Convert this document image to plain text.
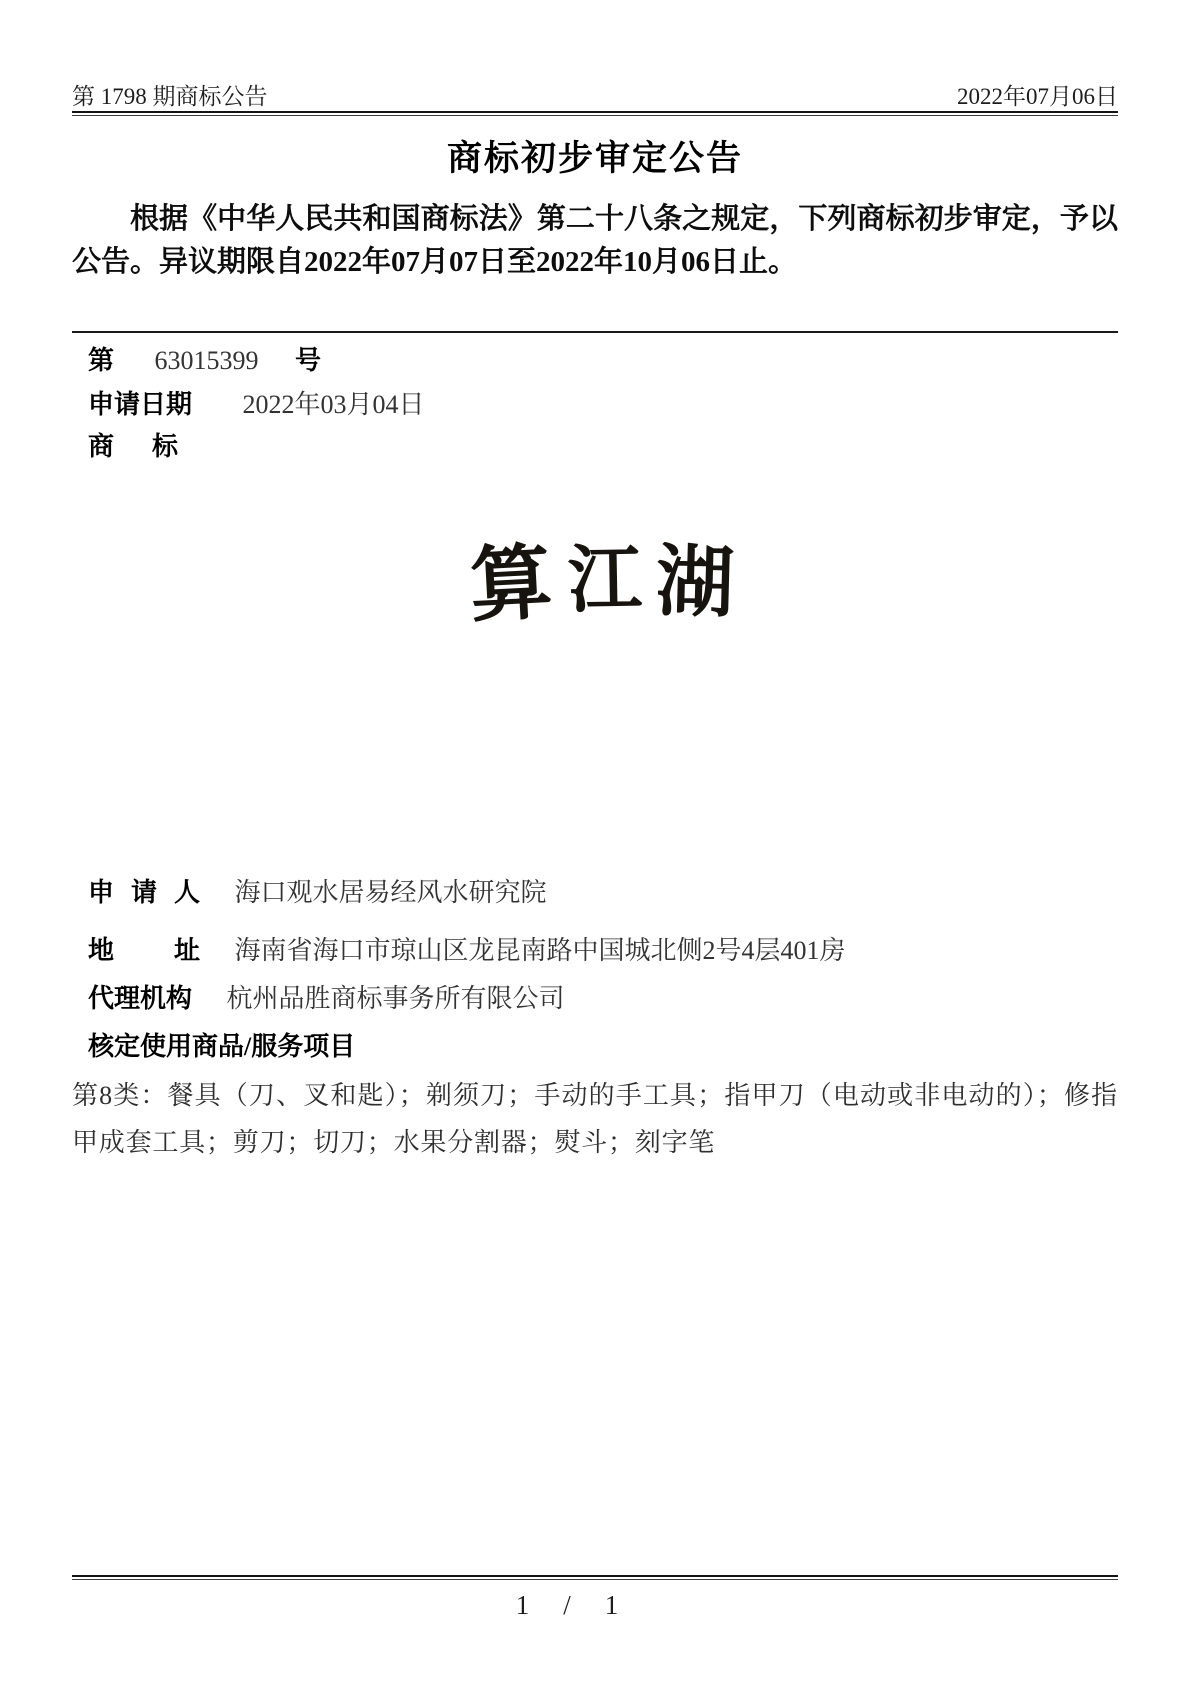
第 1798 期商标公告	2022年07月06日
商标初步审定公告
根据《中华人民共和国商标法》第二十八条之规定，下列商标初步审定，予以公告。异议期限自2022年07月07日至2022年10月06日止。
第 63015399 号
申请日期 2022年03月04日
商标
算 江 湖
申请人 海口观水居易经风水研究院
地址 海南省海口市琼山区龙昆南路中国城北侧2号4层401房
代理机构 杭州品胜商标事务所有限公司
核定使用商品/服务项目
第8类：餐具（刀、叉和匙）；剃须刀；手动的手工具；指甲刀（电动或非电动的）；修指甲成套工具；剪刀；切刀；水果分割器；熨斗；刻字笔
1 / 1
